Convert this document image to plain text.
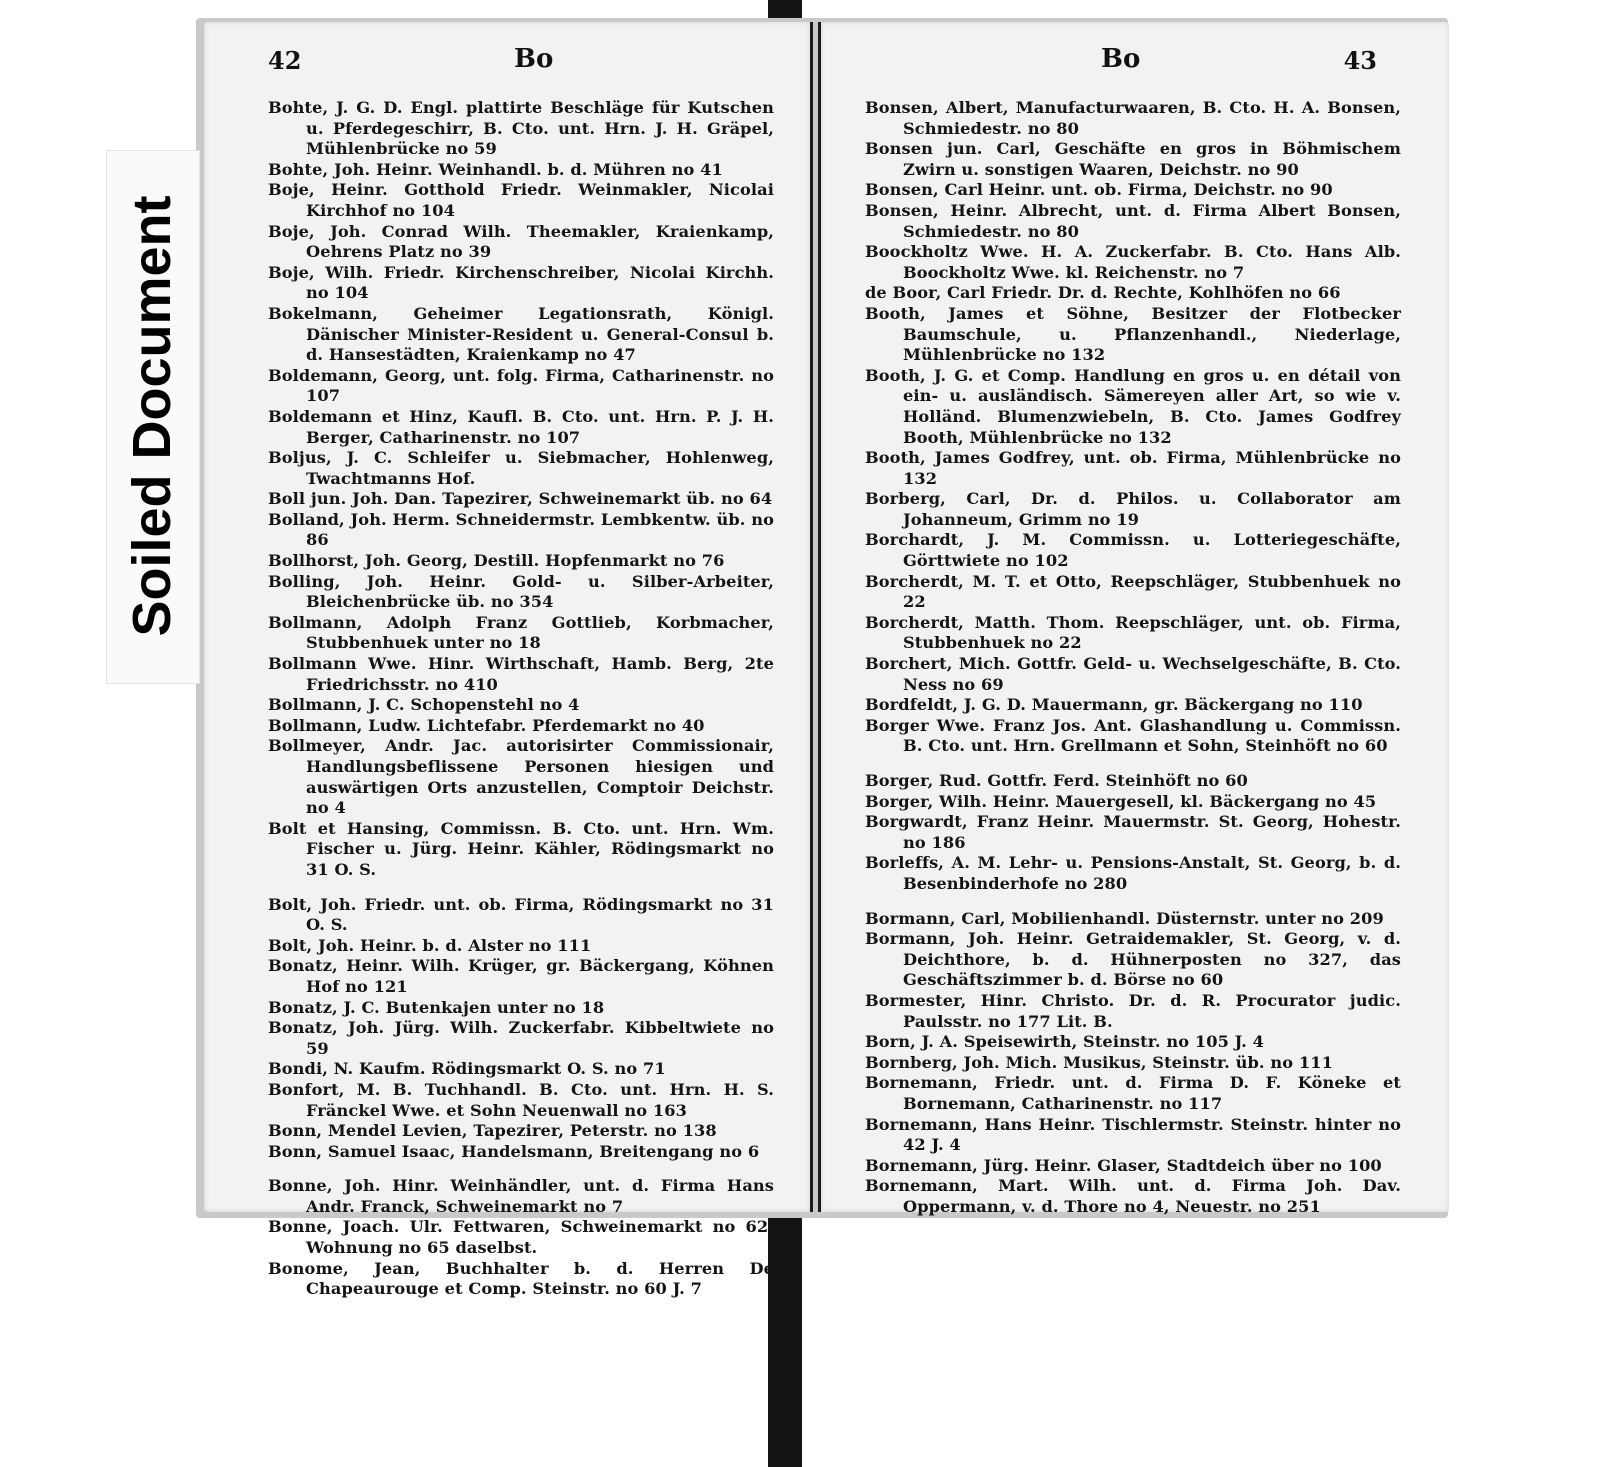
42	Bo

Bohte, J. G. D. Engl. plattirte Beschläge für Kutschen u. Pferdegeschirr, B. Cto. unt. Hrn. J. H. Gräpel, Mühlenbrücke no 59

Bohte, Joh. Heinr. Weinhandl. b. d. Mühren no 41

Boje, Heinr. Gotthold Friedr. Weinmakler, Nicolai Kirchhof no 104

Boje, Joh. Conrad Wilh. Theemakler, Kraienkamp, Oehrens Platz no 39

Boje, Wilh. Friedr. Kirchenschreiber, Nicolai Kirchh. no 104

Bokelmann, Geheimer Legationsrath, Königl. Dänischer Minister-Resident u. General-Consul b. d. Hansestädten, Kraienkamp no 47

Boldemann, Georg, unt. folg. Firma, Catharinenstr. no 107

Boldemann et Hinz, Kaufl. B. Cto. unt. Hrn. P. J. H. Berger, Catharinenstr. no 107

Boljus, J. C. Schleifer u. Siebmacher, Hohlenweg, Twachtmanns Hof.

Boll jun. Joh. Dan. Tapezirer, Schweinemarkt üb. no 64

Bolland, Joh. Herm. Schneidermstr. Lembkentw. üb. no 86

Bollhorst, Joh. Georg, Destill. Hopfenmarkt no 76

Bolling, Joh. Heinr. Gold- u. Silber-Arbeiter, Bleichenbrücke üb. no 354

Bollmann, Adolph Franz Gottlieb, Korbmacher, Stubbenhuek unter no 18

Bollmann Wwe. Hinr. Wirthschaft, Hamb. Berg, 2te Friedrichsstr. no 410

Bollmann, J. C. Schopenstehl no 4

Bollmann, Ludw. Lichtefabr. Pferdemarkt no 40

Bollmeyer, Andr. Jac. autorisirter Commissionair, Handlungsbeflissene Personen hiesigen und auswärtigen Orts anzustellen, Comptoir Deichstr. no 4

Bolt et Hansing, Commissn. B. Cto. unt. Hrn. Wm. Fischer u. Jürg. Heinr. Kähler, Rödingsmarkt no 31 O. S.

Bolt, Joh. Friedr. unt. ob. Firma, Rödingsmarkt no 31 O. S.

Bolt, Joh. Heinr. b. d. Alster no 111

Bonatz, Heinr. Wilh. Krüger, gr. Bäckergang, Köhnen Hof no 121

Bonatz, J. C. Butenkajen unter no 18

Bonatz, Joh. Jürg. Wilh. Zuckerfabr. Kibbeltwiete no 59

Bondi, N. Kaufm. Rödingsmarkt O. S. no 71

Bonfort, M. B. Tuchhandl. B. Cto. unt. Hrn. H. S. Fränckel Wwe. et Sohn Neuenwall no 163

Bonn, Mendel Levien, Tapezirer, Peterstr. no 138

Bonn, Samuel Isaac, Handelsmann, Breitengang no 6

Bonne, Joh. Hinr. Weinhändler, unt. d. Firma Hans Andr. Franck, Schweinemarkt no 7

Bonne, Joach. Ulr. Fettwaren, Schweinemarkt no 62, Wohnung no 65 daselbst.

Bonome, Jean, Buchhalter b. d. Herren De Chapeaurouge et Comp. Steinstr. no 60 J. 7

Bo	43

Bonsen, Albert, Manufacturwaaren, B. Cto. H. A. Bonsen, Schmiedestr. no 80

Bonsen jun. Carl, Geschäfte en gros in Böhmischem Zwirn u. sonstigen Waaren, Deichstr. no 90

Bonsen, Carl Heinr. unt. ob. Firma, Deichstr. no 90

Bonsen, Heinr. Albrecht, unt. d. Firma Albert Bonsen, Schmiedestr. no 80

Boockholtz Wwe. H. A. Zuckerfabr. B. Cto. Hans Alb. Boockholtz Wwe. kl. Reichenstr. no 7

de Boor, Carl Friedr. Dr. d. Rechte, Kohlhöfen no 66

Booth, James et Söhne, Besitzer der Flotbecker Baumschule, u. Pflanzenhandl., Niederlage, Mühlenbrücke no 132

Booth, J. G. et Comp. Handlung en gros u. en détail von ein- u. ausländisch. Sämereyen aller Art, so wie v. Holländ. Blumenzwiebeln, B. Cto. James Godfrey Booth, Mühlenbrücke no 132

Booth, James Godfrey, unt. ob. Firma, Mühlenbrücke no 132

Borberg, Carl, Dr. d. Philos. u. Collaborator am Johanneum, Grimm no 19

Borchardt, J. M. Commissn. u. Lotteriegeschäfte, Görttwiete no 102

Borcherdt, M. T. et Otto, Reepschläger, Stubbenhuek no 22

Borcherdt, Matth. Thom. Reepschläger, unt. ob. Firma, Stubbenhuek no 22

Borchert, Mich. Gottfr. Geld- u. Wechselgeschäfte, B. Cto. Ness no 69

Bordfeldt, J. G. D. Mauermann, gr. Bäckergang no 110

Borger Wwe. Franz Jos. Ant. Glashandlung u. Commissn. B. Cto. unt. Hrn. Grellmann et Sohn, Steinhöft no 60

Borger, Rud. Gottfr. Ferd. Steinhöft no 60

Borger, Wilh. Heinr. Mauergesell, kl. Bäckergang no 45

Borgwardt, Franz Heinr. Mauermstr. St. Georg, Hohestr. no 186

Borleffs, A. M. Lehr- u. Pensions-Anstalt, St. Georg, b. d. Besenbinderhofe no 280

Bormann, Carl, Mobilienhandl. Düsternstr. unter no 209

Bormann, Joh. Heinr. Getraidemakler, St. Georg, v. d. Deichthore, b. d. Hühnerposten no 327, das Geschäftszimmer b. d. Börse no 60

Bormester, Hinr. Christo. Dr. d. R. Procurator judic. Paulsstr. no 177 Lit. B.

Born, J. A. Speisewirth, Steinstr. no 105 J. 4

Bornberg, Joh. Mich. Musikus, Steinstr. üb. no 111

Bornemann, Friedr. unt. d. Firma D. F. Köneke et Bornemann, Catharinenstr. no 117

Bornemann, Hans Heinr. Tischlermstr. Steinstr. hinter no 42 J. 4

Bornemann, Jürg. Heinr. Glaser, Stadtdeich über no 100

Bornemann, Mart. Wilh. unt. d. Firma Joh. Dav. Oppermann, v. d. Thore no 4, Neuestr. no 251

Soiled Document
